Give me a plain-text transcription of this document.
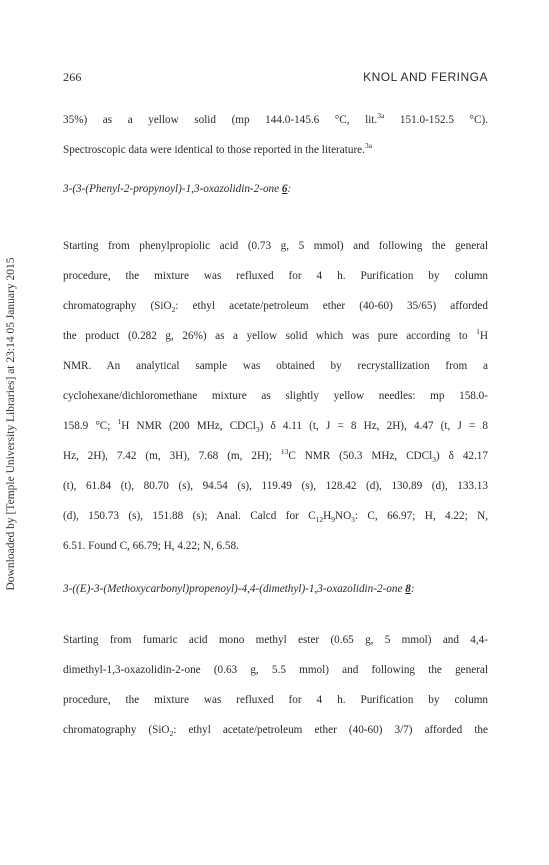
Downloaded by [Temple University Libraries] at 23:14 05 January 2015
266	KNOL AND FERINGA
35%) as a yellow solid (mp 144.0-145.6 °C, lit.$^{3a}$ 151.0-152.5 °C).
Spectroscopic data were identical to those reported in the literature.$^{3a}$

3-(3-(Phenyl-2-propynoyl)-1,3-oxazolidin-2-one 6:

Starting from phenylpropiolic acid (0.73 g, 5 mmol) and following the general
procedure, the mixture was refluxed for 4 h. Purification by column
chromatography (SiO$_2$: ethyl acetate/petroleum ether (40-60) 35/65) afforded
the product (0.282 g, 26%) as a yellow solid which was pure according to $^1$H
NMR. An analytical sample was obtained by recrystallization from a
cyclohexane/dichloromethane mixture as slightly yellow needles: mp 158.0-
158.9 °C; $^1$H NMR (200 MHz, CDCl$_3$) δ 4.11 (t, J = 8 Hz, 2H), 4.47 (t, J = 8
Hz, 2H), 7.42 (m, 3H), 7.68 (m, 2H); $^{13}$C NMR (50.3 MHz, CDCl$_3$) δ 42.17
(t), 61.84 (t), 80.70 (s), 94.54 (s), 119.49 (s), 128.42 (d), 130.89 (d), 133.13
(d), 150.73 (s), 151.88 (s); Anal. Calcd for $C_{12}H_9NO_3$: C, 66.97; H, 4.22; N,
6.51. Found C, 66.79; H, 4.22; N, 6.58.

3-((E)-3-(Methoxycarbonyl)propenoyl)-4,4-(dimethyl)-1,3-oxazolidin-2-one 8:

Starting from fumaric acid mono methyl ester (0.65 g, 5 mmol) and 4,4-
dimethyl-1,3-oxazolidin-2-one (0.63 g, 5.5 mmol) and following the general
procedure, the mixture was refluxed for 4 h. Purification by column
chromatography (SiO$_2$: ethyl acetate/petroleum ether (40-60) 3/7) afforded the
